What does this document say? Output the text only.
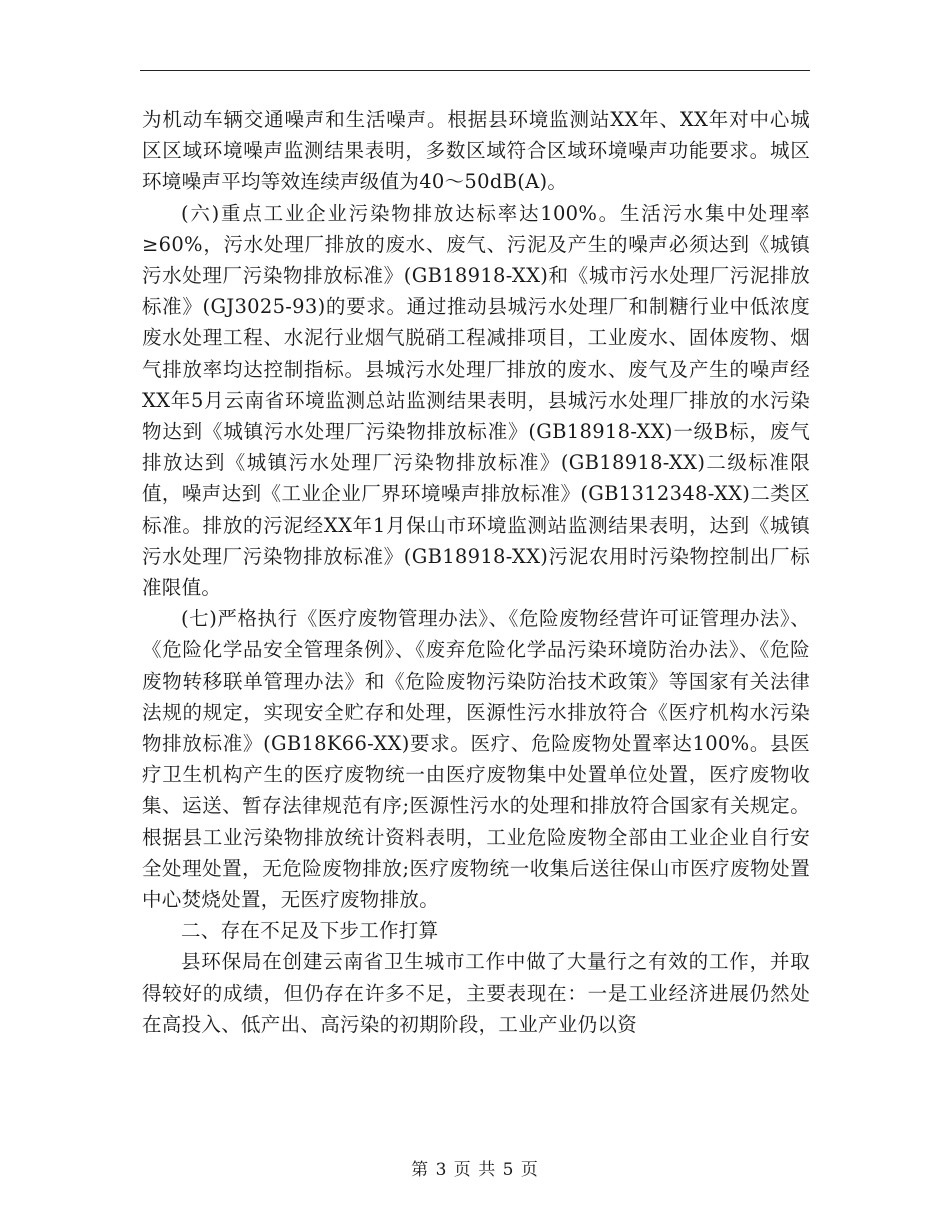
为机动车辆交通噪声和生活噪声。根据县环境监测站XX年、XX年对中心城区区域环境噪声监测结果表明，多数区域符合区域环境噪声功能要求。城区环境噪声平均等效连续声级值为40～50dB(A)。

(六)重点工业企业污染物排放达标率达100%。生活污水集中处理率≥60%，污水处理厂排放的废水、废气、污泥及产生的噪声必须达到《城镇污水处理厂污染物排放标准》(GB18918-XX)和《城市污水处理厂污泥排放标准》(GJ3025-93)的要求。通过推动县城污水处理厂和制糖行业中低浓度废水处理工程、水泥行业烟气脱硝工程减排项目，工业废水、固体废物、烟气排放率均达控制指标。县城污水处理厂排放的废水、废气及产生的噪声经XX年5月云南省环境监测总站监测结果表明，县城污水处理厂排放的水污染物达到《城镇污水处理厂污染物排放标准》(GB18918-XX)一级B标，废气排放达到《城镇污水处理厂污染物排放标准》(GB18918-XX)二级标准限值，噪声达到《工业企业厂界环境噪声排放标准》(GB1312348-XX)二类区标准。排放的污泥经XX年1月保山市环境监测站监测结果表明，达到《城镇污水处理厂污染物排放标准》(GB18918-XX)污泥农用时污染物控制出厂标准限值。

(七)严格执行《医疗废物管理办法》、《危险废物经营许可证管理办法》、《危险化学品安全管理条例》、《废弃危险化学品污染环境防治办法》、《危险废物转移联单管理办法》和《危险废物污染防治技术政策》等国家有关法律法规的规定，实现安全贮存和处理，医源性污水排放符合《医疗机构水污染物排放标准》(GB18K66-XX)要求。医疗、危险废物处置率达100%。县医疗卫生机构产生的医疗废物统一由医疗废物集中处置单位处置，医疗废物收集、运送、暂存法律规范有序;医源性污水的处理和排放符合国家有关规定。根据县工业污染物排放统计资料表明，工业危险废物全部由工业企业自行安全处理处置，无危险废物排放;医疗废物统一收集后送往保山市医疗废物处置中心焚烧处置，无医疗废物排放。

二、存在不足及下步工作打算

县环保局在创建云南省卫生城市工作中做了大量行之有效的工作，并取得较好的成绩，但仍存在许多不足，主要表现在：一是工业经济进展仍然处在高投入、低产出、高污染的初期阶段，工业产业仍以资

第 3 页 共 5 页
